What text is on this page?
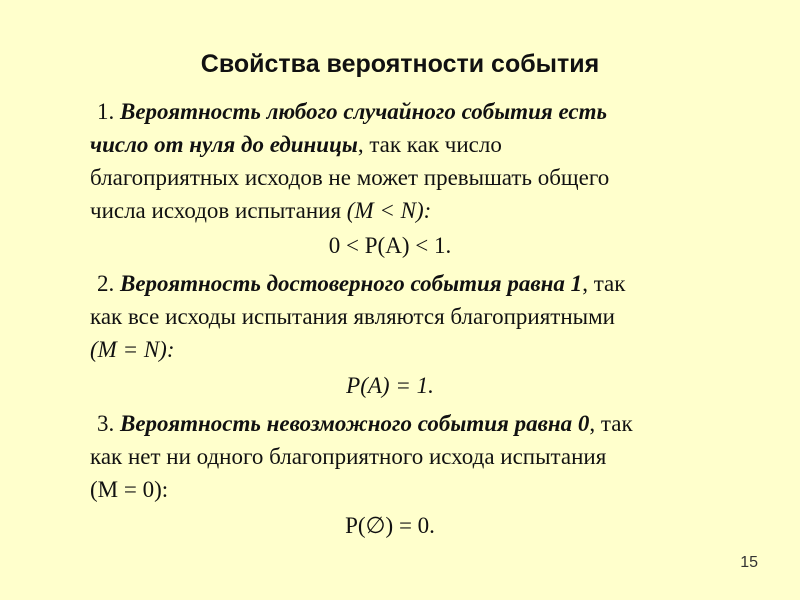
Свойства вероятности события

1. Вероятность любого случайного события есть

число от нуля до единицы, так как число

благоприятных исходов не может превышать общего

числа исходов испытания (M < N):

0 < P(A) < 1.

2. Вероятность достоверного события равна 1, так

как все исходы испытания являются благоприятными

(M = N):

P(A) = 1.

3. Вероятность невозможного события равна 0, так

как нет ни одного благоприятного исхода испытания

(M = 0):

P(∅) = 0.

15
